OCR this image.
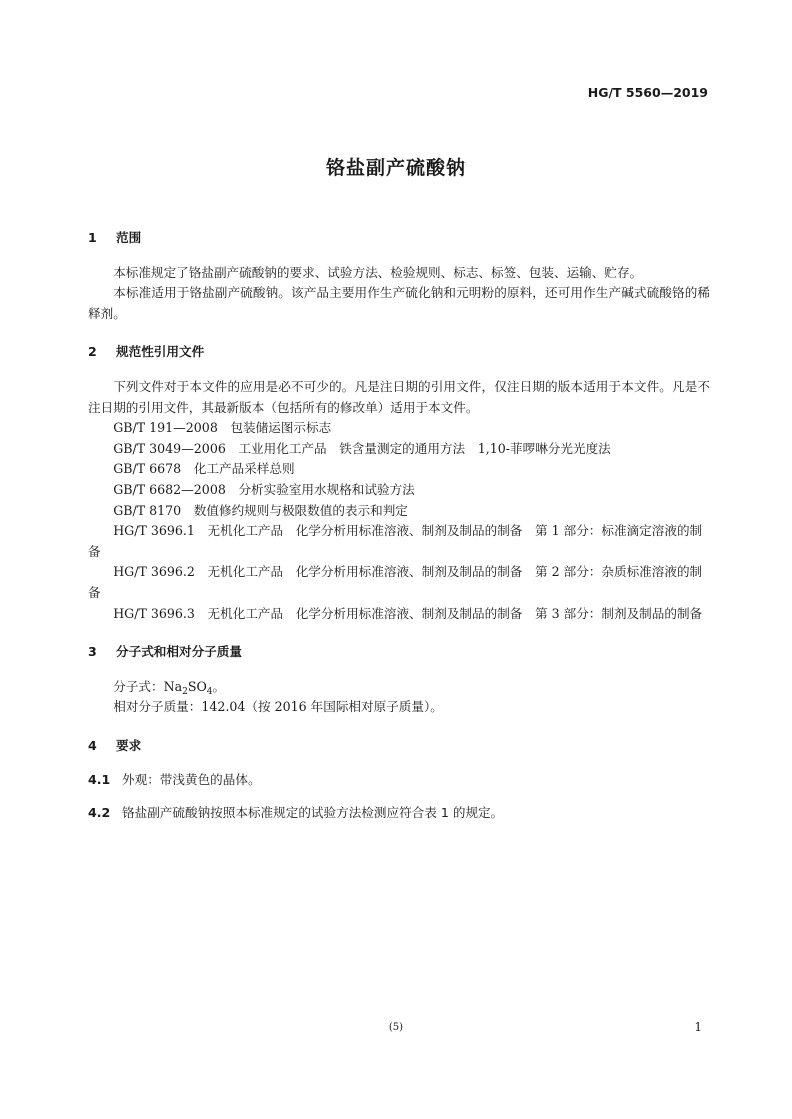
HG/T 5560—2019
铬盐副产硫酸钠
1 范围

本标准规定了铬盐副产硫酸钠的要求、试验方法、检验规则、标志、标签、包装、运输、贮存。

本标准适用于铬盐副产硫酸钠。该产品主要用作生产硫化钠和元明粉的原料，还可用作生产碱式硫酸铬的稀释剂。

2 规范性引用文件

下列文件对于本文件的应用是必不可少的。凡是注日期的引用文件，仅注日期的版本适用于本文件。凡是不注日期的引用文件，其最新版本（包括所有的修改单）适用于本文件。

GB/T 191—2008　 包装储运图示标志

GB/T 3049—2006　 工业用化工产品　铁含量测定的通用方法　1,10-菲啰啉分光光度法

GB/T 6678　 化工产品采样总则

GB/T 6682—2008　 分析实验室用水规格和试验方法

GB/T 8170　 数值修约规则与极限数值的表示和判定

HG/T 3696.1　 无机化工产品　化学分析用标准溶液、制剂及制品的制备　第 1 部分：标准滴定溶液的制备

HG/T 3696.2　 无机化工产品　化学分析用标准溶液、制剂及制品的制备　第 2 部分：杂质标准溶液的制备

HG/T 3696.3　 无机化工产品　化学分析用标准溶液、制剂及制品的制备　第 3 部分：制剂及制品的制备

3 分子式和相对分子质量

分子式：$Na_2SO_4$。

相对分子质量：142.04（按 2016 年国际相对原子质量）。

4 要求
4.1 外观：带浅黄色的晶体。
4.2 铬盐副产硫酸钠按照本标准规定的试验方法检测应符合表 1 的规定。
(5)	1
